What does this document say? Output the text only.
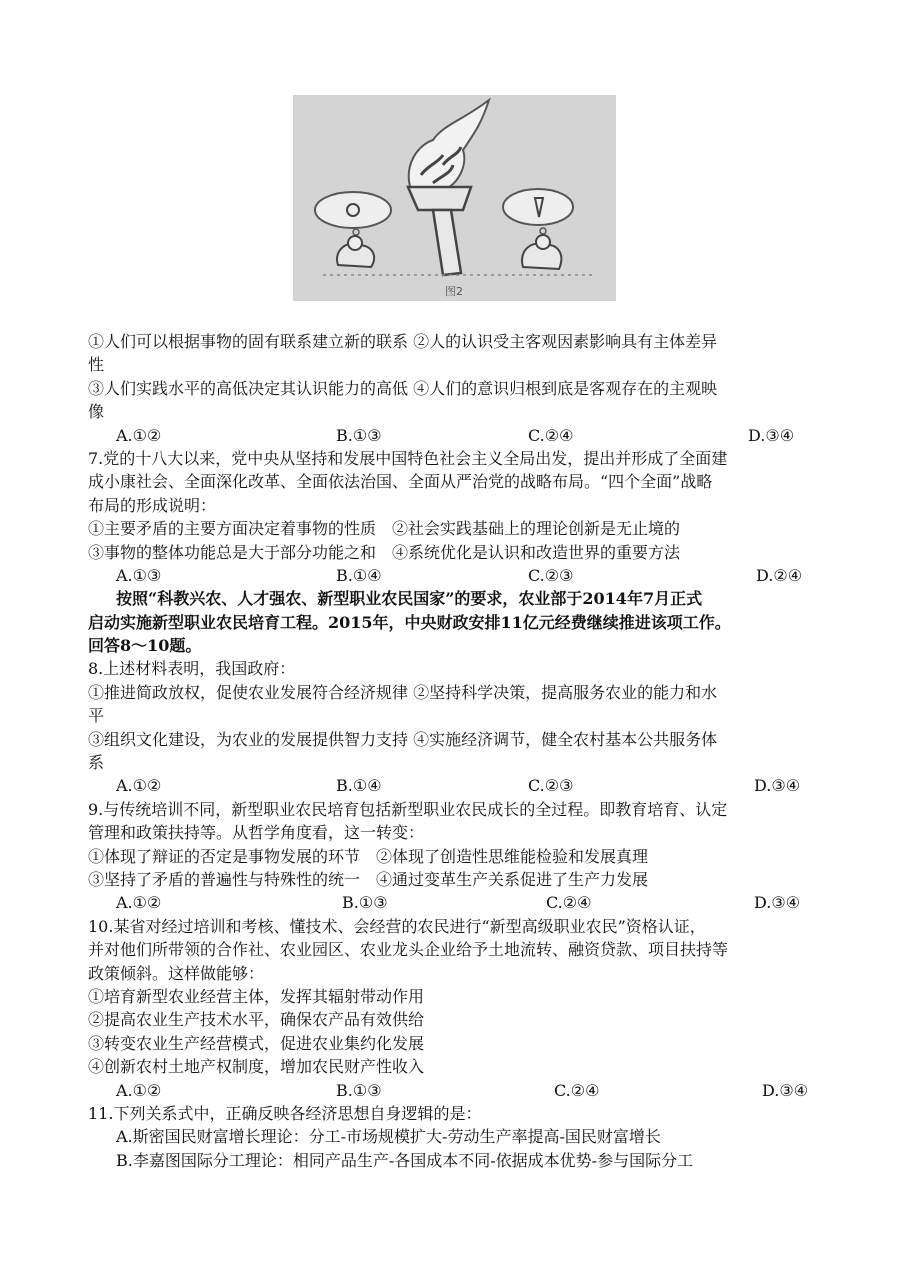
图2
①人们可以根据事物的固有联系建立新的联系 ②人的认识受主客观因素影响具有主体差异
性
③人们实践水平的高低决定其认识能力的高低 ④人们的意识归根到底是客观存在的主观映
像
A.①②	B.①③	C.②④	D.③④
7.党的十八大以来，党中央从坚持和发展中国特色社会主义全局出发，提出并形成了全面建
成小康社会、全面深化改革、全面依法治国、全面从严治党的战略布局。“四个全面”战略
布局的形成说明：
①主要矛盾的主要方面决定着事物的性质　②社会实践基础上的理论创新是无止境的
③事物的整体功能总是大于部分功能之和　④系统优化是认识和改造世界的重要方法
A.①③	B.①④	C.②③	D.②④
按照“科教兴农、人才强农、新型职业农民国家”的要求，农业部于2014年7月正式
启动实施新型职业农民培育工程。2015年，中央财政安排11亿元经费继续推进该项工作。
回答8～10题。
8.上述材料表明，我国政府：
①推进简政放权，促使农业发展符合经济规律 ②坚持科学决策，提高服务农业的能力和水
平
③组织文化建设，为农业的发展提供智力支持 ④实施经济调节，健全农村基本公共服务体
系
A.①②	B.①④	C.②③	D.③④
9.与传统培训不同，新型职业农民培育包括新型职业农民成长的全过程。即教育培育、认定
管理和政策扶持等。从哲学角度看，这一转变：
①体现了辩证的否定是事物发展的环节　②体现了创造性思维能检验和发展真理
③坚持了矛盾的普遍性与特殊性的统一　④通过变革生产关系促进了生产力发展
A.①②	B.①③	C.②④	D.③④
10.某省对经过培训和考核、懂技术、会经营的农民进行“新型高级职业农民”资格认证，
并对他们所带领的合作社、农业园区、农业龙头企业给予土地流转、融资贷款、项目扶持等
政策倾斜。这样做能够：
①培育新型农业经营主体，发挥其辐射带动作用
②提高农业生产技术水平，确保农产品有效供给
③转变农业生产经营模式，促进农业集约化发展
④创新农村土地产权制度，增加农民财产性收入
A.①②	B.①③	C.②④	D.③④
11.下列关系式中，正确反映各经济思想自身逻辑的是：
A.斯密国民财富增长理论：分工-市场规模扩大-劳动生产率提高-国民财富增长
B.李嘉图国际分工理论：相同产品生产-各国成本不同-依据成本优势-参与国际分工
